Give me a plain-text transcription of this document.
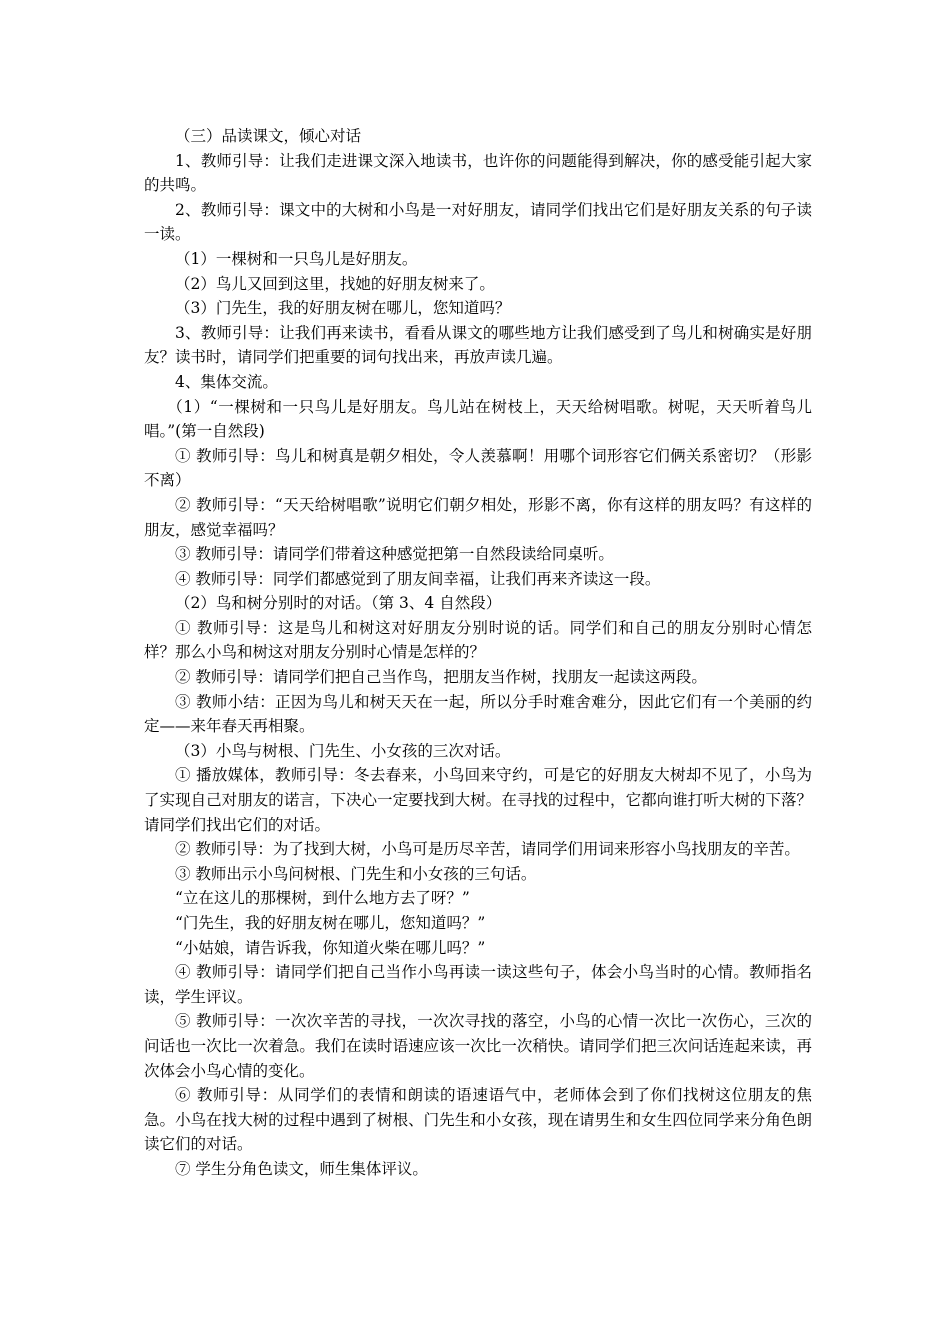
（三）品读课文，倾心对话

1、教师引导：让我们走进课文深入地读书，也许你的问题能得到解决，你的感受能引起大家的共鸣。

2、教师引导：课文中的大树和小鸟是一对好朋友，请同学们找出它们是好朋友关系的句子读一读。

（1）一棵树和一只鸟儿是好朋友。

（2）鸟儿又回到这里，找她的好朋友树来了。

（3）门先生，我的好朋友树在哪儿，您知道吗？

3、教师引导：让我们再来读书，看看从课文的哪些地方让我们感受到了鸟儿和树确实是好朋友？读书时，请同学们把重要的词句找出来，再放声读几遍。

4、集体交流。

（1）“一棵树和一只鸟儿是好朋友。鸟儿站在树枝上，天天给树唱歌。树呢，天天听着鸟儿唱。”(第一自然段)

① 教师引导：鸟儿和树真是朝夕相处，令人羡慕啊！用哪个词形容它们俩关系密切？（形影不离）

② 教师引导：“天天给树唱歌”说明它们朝夕相处，形影不离，你有这样的朋友吗？有这样的朋友，感觉幸福吗？

③ 教师引导：请同学们带着这种感觉把第一自然段读给同桌听。

④ 教师引导：同学们都感觉到了朋友间幸福，让我们再来齐读这一段。

（2）鸟和树分别时的对话。（第 3、4 自然段）

① 教师引导：这是鸟儿和树这对好朋友分别时说的话。同学们和自己的朋友分别时心情怎样？那么小鸟和树这对朋友分别时心情是怎样的？

② 教师引导：请同学们把自己当作鸟，把朋友当作树，找朋友一起读这两段。

③ 教师小结：正因为鸟儿和树天天在一起，所以分手时难舍难分，因此它们有一个美丽的约定——来年春天再相聚。

（3）小鸟与树根、门先生、小女孩的三次对话。

① 播放媒体，教师引导：冬去春来，小鸟回来守约，可是它的好朋友大树却不见了，小鸟为了实现自己对朋友的诺言，下决心一定要找到大树。在寻找的过程中，它都向谁打听大树的下落？请同学们找出它们的对话。

② 教师引导：为了找到大树，小鸟可是历尽辛苦，请同学们用词来形容小鸟找朋友的辛苦。

③ 教师出示小鸟问树根、门先生和小女孩的三句话。

“立在这儿的那棵树，到什么地方去了呀？”

“门先生，我的好朋友树在哪儿，您知道吗？”

“小姑娘，请告诉我，你知道火柴在哪儿吗？”

④ 教师引导：请同学们把自己当作小鸟再读一读这些句子，体会小鸟当时的心情。教师指名读，学生评议。

⑤ 教师引导：一次次辛苦的寻找，一次次寻找的落空，小鸟的心情一次比一次伤心，三次的问话也一次比一次着急。我们在读时语速应该一次比一次稍快。请同学们把三次问话连起来读，再次体会小鸟心情的变化。

⑥ 教师引导：从同学们的表情和朗读的语速语气中，老师体会到了你们找树这位朋友的焦急。小鸟在找大树的过程中遇到了树根、门先生和小女孩，现在请男生和女生四位同学来分角色朗读它们的对话。

⑦ 学生分角色读文，师生集体评议。
